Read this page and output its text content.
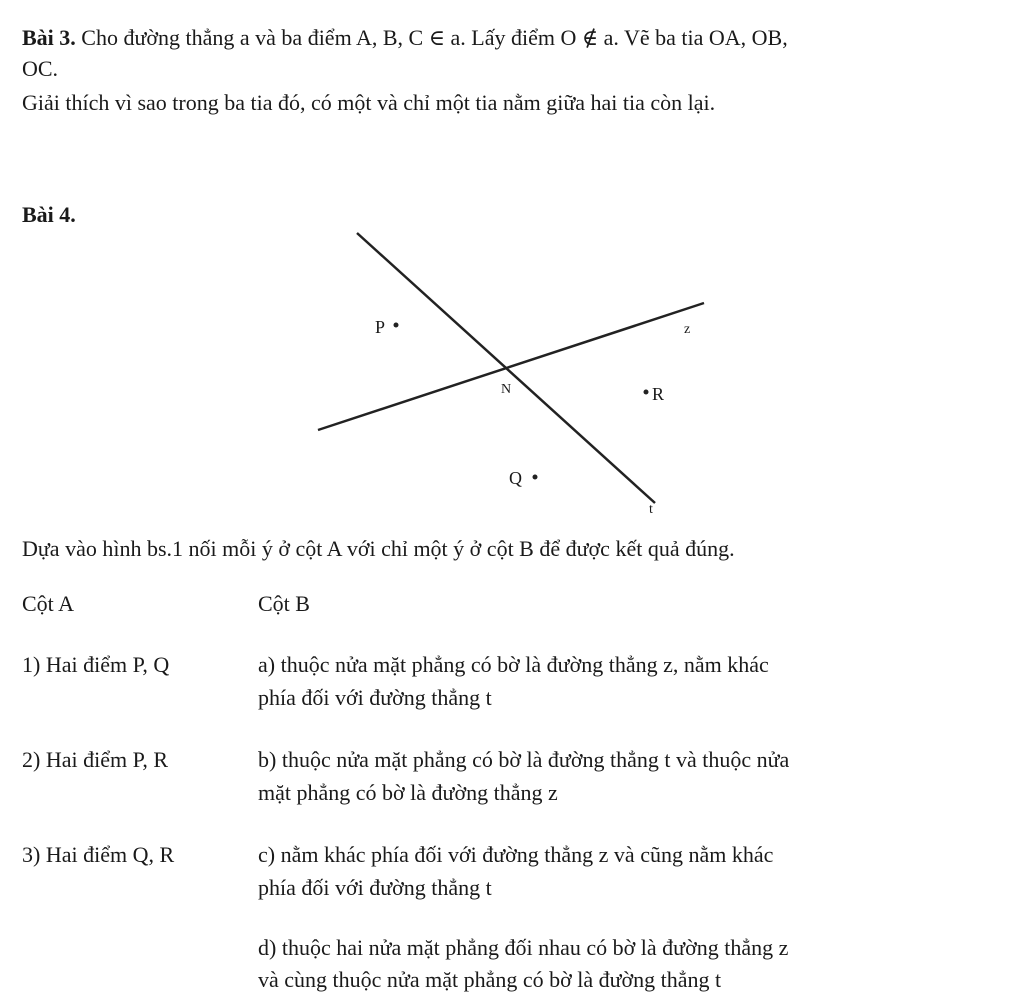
Bài 3. Cho đường thẳng a và ba điểm A, B, C ∈ a. Lấy điểm O ∉ a. Vẽ ba tia OA, OB,
OC.
Giải thích vì sao trong ba tia đó, có một và chỉ một tia nằm giữa hai tia còn lại.
Bài 4.
P
N	R
Q
z
t
Dựa vào hình bs.1 nối mỗi ý ở cột A với chỉ một ý ở cột B để được kết quả đúng.
Cột A	Cột B
1) Hai điểm P, Q	a) thuộc nửa mặt phẳng có bờ là đường thẳng z, nằm khác
phía đối với đường thẳng t
2) Hai điểm P, R	b) thuộc nửa mặt phẳng có bờ là đường thẳng t và thuộc nửa
mặt phẳng có bờ là đường thẳng z
3) Hai điểm Q, R	c) nằm khác phía đối với đường thẳng z và cũng nằm khác
phía đối với đường thẳng t
d) thuộc hai nửa mặt phẳng đối nhau có bờ là đường thẳng z
và cùng thuộc nửa mặt phẳng có bờ là đường thẳng t
